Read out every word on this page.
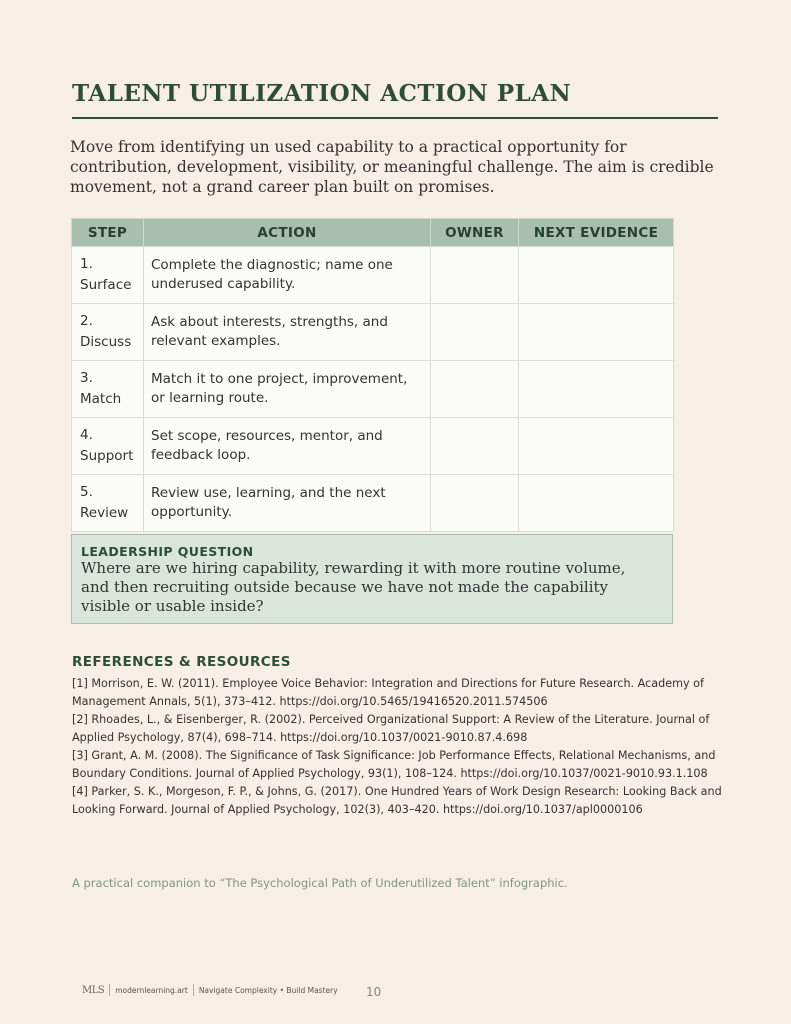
TALENT UTILIZATION ACTION PLAN
Move from identifying un used capability to a practical opportunity for contribution, development, visibility, or meaningful challenge. The aim is credible movement, not a grand career plan built on promises.
STEP	ACTION	OWNER	NEXT EVIDENCE
1.
Surface	Complete the diagnostic; name one underused capability.		
2.
Discuss	Ask about interests, strengths, and relevant examples.		
3.
Match	Match it to one project, improvement, or learning route.		
4.
Support	Set scope, resources, mentor, and feedback loop.		
5.
Review	Review use, learning, and the next opportunity.		
LEADERSHIP QUESTION
Where are we hiring capability, rewarding it with more routine volume, and then recruiting outside because we have not made the capability visible or usable inside?
REFERENCES & RESOURCES

[1] Morrison, E. W. (2011). Employee Voice Behavior: Integration and Directions for Future Research. Academy of Management Annals, 5(1), 373–412. https://doi.org/10.5465/19416520.2011.574506

[2] Rhoades, L., & Eisenberger, R. (2002). Perceived Organizational Support: A Review of the Literature. Journal of Applied Psychology, 87(4), 698–714. https://doi.org/10.1037/0021-9010.87.4.698

[3] Grant, A. M. (2008). The Significance of Task Significance: Job Performance Effects, Relational Mechanisms, and Boundary Conditions. Journal of Applied Psychology, 93(1), 108–124. https://doi.org/10.1037/0021-9010.93.1.108

[4] Parker, S. K., Morgeson, F. P., & Johns, G. (2017). One Hundred Years of Work Design Research: Looking Back and Looking Forward. Journal of Applied Psychology, 102(3), 403–420. https://doi.org/10.1037/apl0000106

A practical companion to “The Psychological Path of Underutilized Talent” infographic.
MLS modernlearning.art Navigate Complexity • Build Mastery 10
